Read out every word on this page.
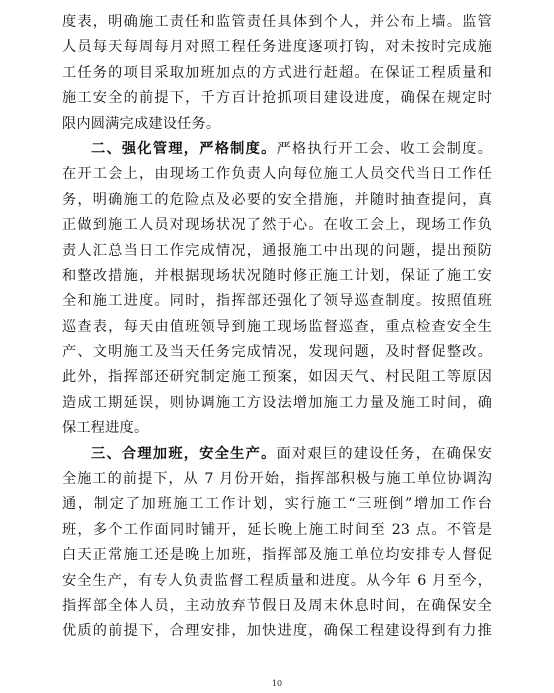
度表，明确施工责任和监管责任具体到个人，并公布上墙。监管
人员每天每周每月对照工程任务进度逐项打钩，对未按时完成施
工任务的项目采取加班加点的方式进行赶超。在保证工程质量和
施工安全的前提下，千方百计抢抓项目建设进度，确保在规定时
限内圆满完成建设任务。
二、强化管理，严格制度。严格执行开工会、收工会制度。
在开工会上，由现场工作负责人向每位施工人员交代当日工作任
务，明确施工的危险点及必要的安全措施，并随时抽查提问，真
正做到施工人员对现场状况了然于心。在收工会上，现场工作负
责人汇总当日工作完成情况，通报施工中出现的问题，提出预防
和整改措施，并根据现场状况随时修正施工计划，保证了施工安
全和施工进度。同时，指挥部还强化了领导巡查制度。按照值班
巡查表，每天由值班领导到施工现场监督巡查，重点检查安全生
产、文明施工及当天任务完成情况，发现问题，及时督促整改。
此外，指挥部还研究制定施工预案，如因天气、村民阻工等原因
造成工期延误，则协调施工方设法增加施工力量及施工时间，确
保工程进度。
三、合理加班，安全生产。面对艰巨的建设任务，在确保安
全施工的前提下，从 7 月份开始，指挥部积极与施工单位协调沟
通，制定了加班施工工作计划，实行施工“三班倒”增加工作台
班，多个工作面同时铺开，延长晚上施工时间至 23 点。不管是
白天正常施工还是晚上加班，指挥部及施工单位均安排专人督促
安全生产，有专人负责监督工程质量和进度。从今年 6 月至今，
指挥部全体人员，主动放弃节假日及周末休息时间，在确保安全
优质的前提下，合理安排，加快进度，确保工程建设得到有力推
10
